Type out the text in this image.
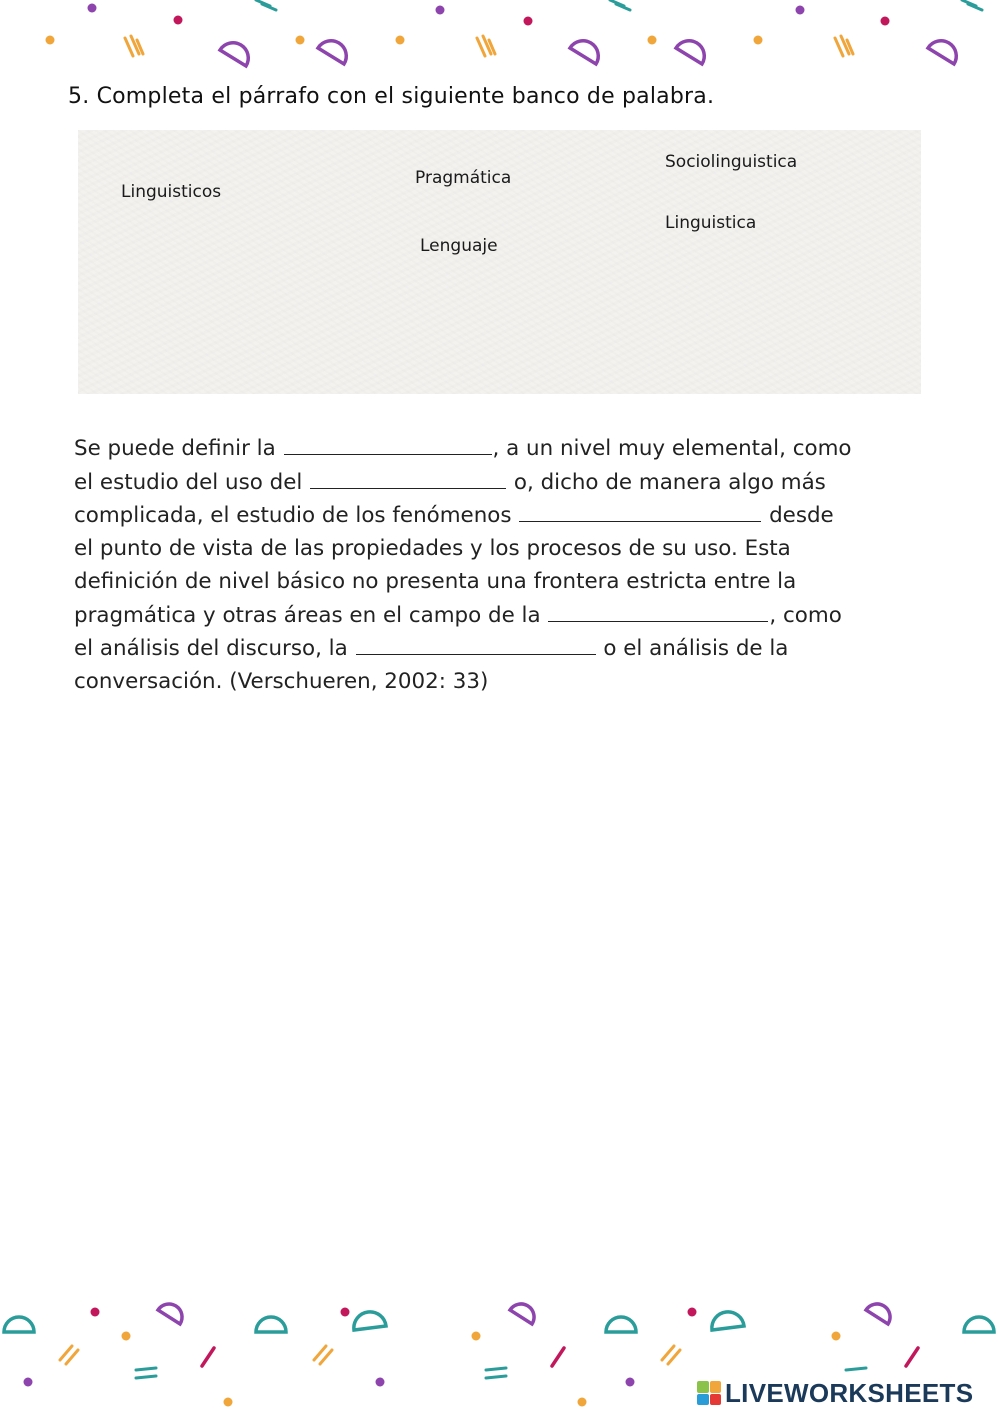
5. Completa el párrafo con el siguiente banco de palabra.
Linguisticos
Pragmática
Lenguaje
Sociolinguistica
Linguistica
Se puede definir la	, a un nivel muy elemental, como
el estudio del uso del	o, dicho de manera algo más
complicada, el estudio de los fenómenos	desde
el punto de vista de las propiedades y los procesos de su uso. Esta
definición de nivel básico no presenta una frontera estricta entre la
pragmática y otras áreas en el campo de la	, como
el análisis del discurso, la	o el análisis de la
conversación. (Verschueren, 2002: 33)
LIVEWORKSHEETS
